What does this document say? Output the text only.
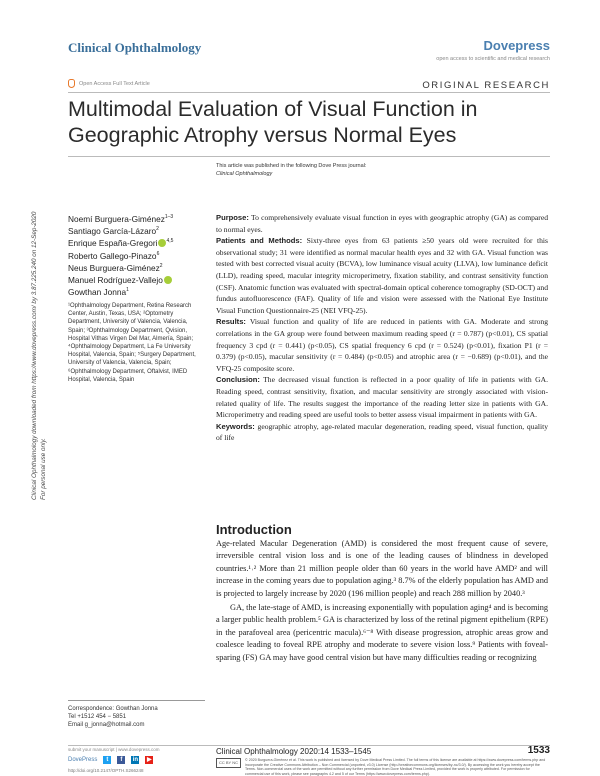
Clinical Ophthalmology	Dovepress
open access to scientific and medical research
Open Access Full Text Article	ORIGINAL RESEARCH
Multimodal Evaluation of Visual Function in Geographic Atrophy versus Normal Eyes
Clinical Ophthalmology downloaded from https://www.dovepress.com/ by 3.87.225.240 on 12-Sep-2020 For personal use only.
This article was published in the following Dove Press journal:
Clinical Ophthalmology
Noemí Burguera-Giménez$^{1-3}$
Santiago García-Lázaro$^2$
Enrique España-Gregori $^{4,5}$
Roberto Gallego-Pinazo$^6$
Neus Burguera-Giménez$^2$
Manuel Rodríguez-Vallejo
Gowthan Jonna$^1$
¹Ophthalmology Department, Retina Research Center, Austin, Texas, USA; ²Optometry Department, University of Valencia, Valencia, Spain; ³Ophthalmology Department, Qvision, Hospital Vithas Virgen Del Mar, Almería, Spain; ⁴Ophthalmology Department, La Fe University Hospital, Valencia, Spain; ⁵Surgery Department, University of Valencia, Valencia, Spain; ⁶Ophthalmology Department, Oftalvist, IMED Hospital, Valencia, Spain
Purpose: To comprehensively evaluate visual function in eyes with geographic atrophy (GA) as compared to normal eyes.
Patients and Methods: Sixty-three eyes from 63 patients ≥50 years old were recruited for this observational study; 31 were identified as normal macular health eyes and 32 with GA. Visual function was tested with best corrected visual acuity (BCVA), low luminance visual acuity (LLVA), low luminance deficit (LLD), reading speed, macular integrity microperimetry, fixation stability, and contrast sensitivity function (CSF). Anatomic function was evaluated with spectral-domain optical coherence tomography (SD-OCT) and fundus autofluorescence (FAF). Quality of life and vision were assessed with the National Eye Institute Visual Function Questionnaire-25 (NEI VFQ-25).
Results: Visual function and quality of life are reduced in patients with GA. Moderate and strong correlations in the GA group were found between maximum reading speed (r = 0.787) (p<0.01), CS spatial frequency 3 cpd (r = 0.441) (p<0.05), CS spatial frequency 6 cpd (r = 0.524) (p<0.01), fixation P1 (r = 0.379) (p<0.05), macular sensitivity (r = 0.484) (p<0.05) and atrophic area (r = −0.689) (p<0.01), and the VFQ-25 composite score.
Conclusion: The decreased visual function is reflected in a poor quality of life in patients with GA. Reading speed, contrast sensitivity, fixation, and macular sensitivity are strongly associated with vision-related quality of life. The results suggest the importance of the reading letter size in patients with GA. Microperimetry and reading speed are useful tools to better assess visual impairment in patients with GA.
Keywords: geographic atrophy, age-related macular degeneration, reading speed, visual function, quality of life
Introduction

Age-related Macular Degeneration (AMD) is considered the most frequent cause of severe, irreversible central vision loss and is one of the leading causes of blindness in developed countries.¹˒² More than 21 million people older than 60 years in the world have AMD² and will increase in the coming years due to population aging.³ 8.7% of the elderly population has AMD and is projected to largely increase by 2020 (196 million people) and reach 288 million by 2040.³

GA, the late-stage of AMD, is increasing exponentially with population aging⁴ and is becoming a larger public health problem.⁵ GA is characterized by loss of the retinal pigment epithelium (RPE) in the parafoveal area (pericentric macula).⁶⁻⁸ With disease progression, atrophic areas grow and coalesce leading to foveal RPE atrophy and moderate to severe vision loss.⁹ Patients with foveal-sparing (FS) GA may have good central vision but have many difficulties reading or recognizing

Correspondence: Gowthan Jonna
Tel +1512 454 − 5851
Email g_jonna@hotmail.com
submit your manuscript | www.dovepress.com
DovePress	t	f	in ▶
http://doi.org/10.2147/OPTH.S266248
Clinical Ophthalmology 2020:14 1533–1545	1533
CC BY NC	© 2020 Burguera-Giménez et al. This work is published and licensed by Dove Medical Press Limited. The full terms of this license are available at https://www.dovepress.com/terms.php and incorporate the Creative Commons Attribution – Non Commercial (unported, v3.0) License (http://creativecommons.org/licenses/by-nc/3.0/). By accessing the work you hereby accept the Terms. Non-commercial uses of the work are permitted without any further permission from Dove Medical Press Limited, provided the work is properly attributed. For permission for commercial use of this work, please see paragraphs 4.2 and 5 of our Terms (https://www.dovepress.com/terms.php).
